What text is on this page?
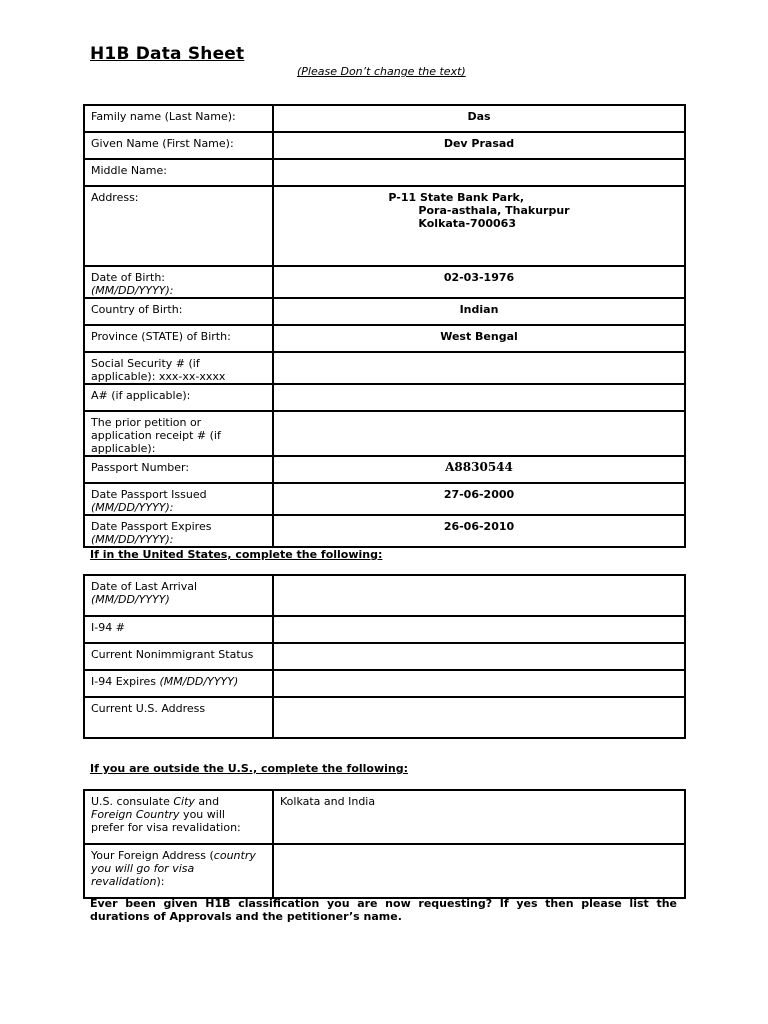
H1B Data Sheet
(Please Don’t change the text)
Family name (Last Name):	Das
Given Name (First Name):	Dev Prasad
Middle Name:	
Address:	P-11 State Bank Park,
Pora-asthala, Thakurpur
Kolkata-700063
Date of Birth:
(MM/DD/YYYY):	02-03-1976
Country of Birth:	Indian
Province (STATE) of Birth:	West Bengal
Social Security # (if
applicable): xxx-xx-xxxx	
A# (if applicable):	
The prior petition or
application receipt # (if
applicable):	
Passport Number:	A8830544
Date Passport Issued
(MM/DD/YYYY):	27-06-2000
Date Passport Expires
(MM/DD/YYYY):	26-06-2010
If in the United States, complete the following:
Date of Last Arrival
(MM/DD/YYYY)	
I-94 #	
Current Nonimmigrant Status	
I-94 Expires (MM/DD/YYYY)	
Current U.S. Address	
If you are outside the U.S., complete the following:
U.S. consulate City and
Foreign Country you will
prefer for visa revalidation:	Kolkata and India
Your Foreign Address (country
you will go for visa
revalidation):	
Ever been given H1B classification you are now requesting? If yes then please list the durations of Approvals and the petitioner’s name.
